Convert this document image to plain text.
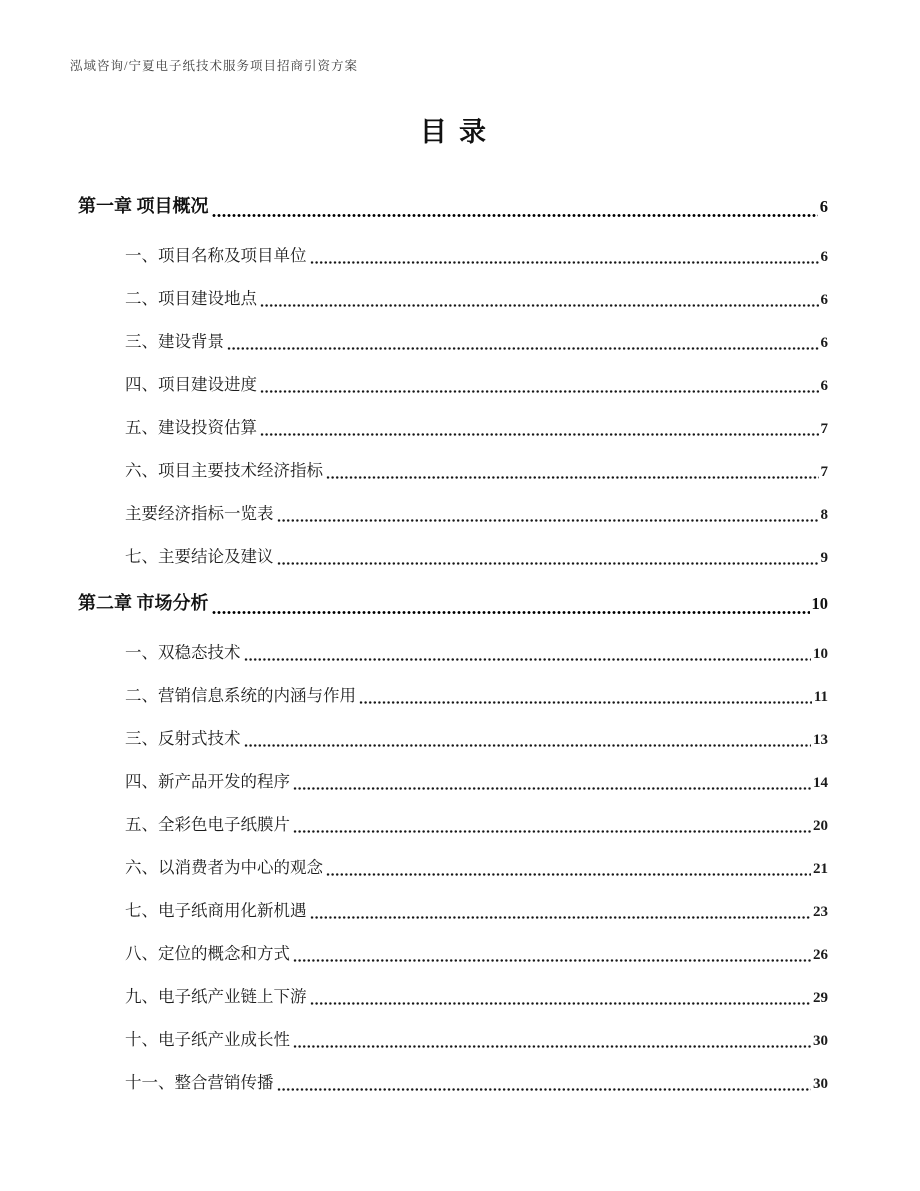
泓域咨询/宁夏电子纸技术服务项目招商引资方案
目录
第一章 项目概况	6
一、项目名称及项目单位	6
二、项目建设地点	6
三、建设背景	6
四、项目建设进度	6
五、建设投资估算	7
六、项目主要技术经济指标	7
主要经济指标一览表	8
七、主要结论及建议	9
第二章 市场分析	10
一、双稳态技术	10
二、营销信息系统的内涵与作用	11
三、反射式技术	13
四、新产品开发的程序	14
五、全彩色电子纸膜片	20
六、以消费者为中心的观念	21
七、电子纸商用化新机遇	23
八、定位的概念和方式	26
九、电子纸产业链上下游	29
十、电子纸产业成长性	30
十一、整合营销传播	30
